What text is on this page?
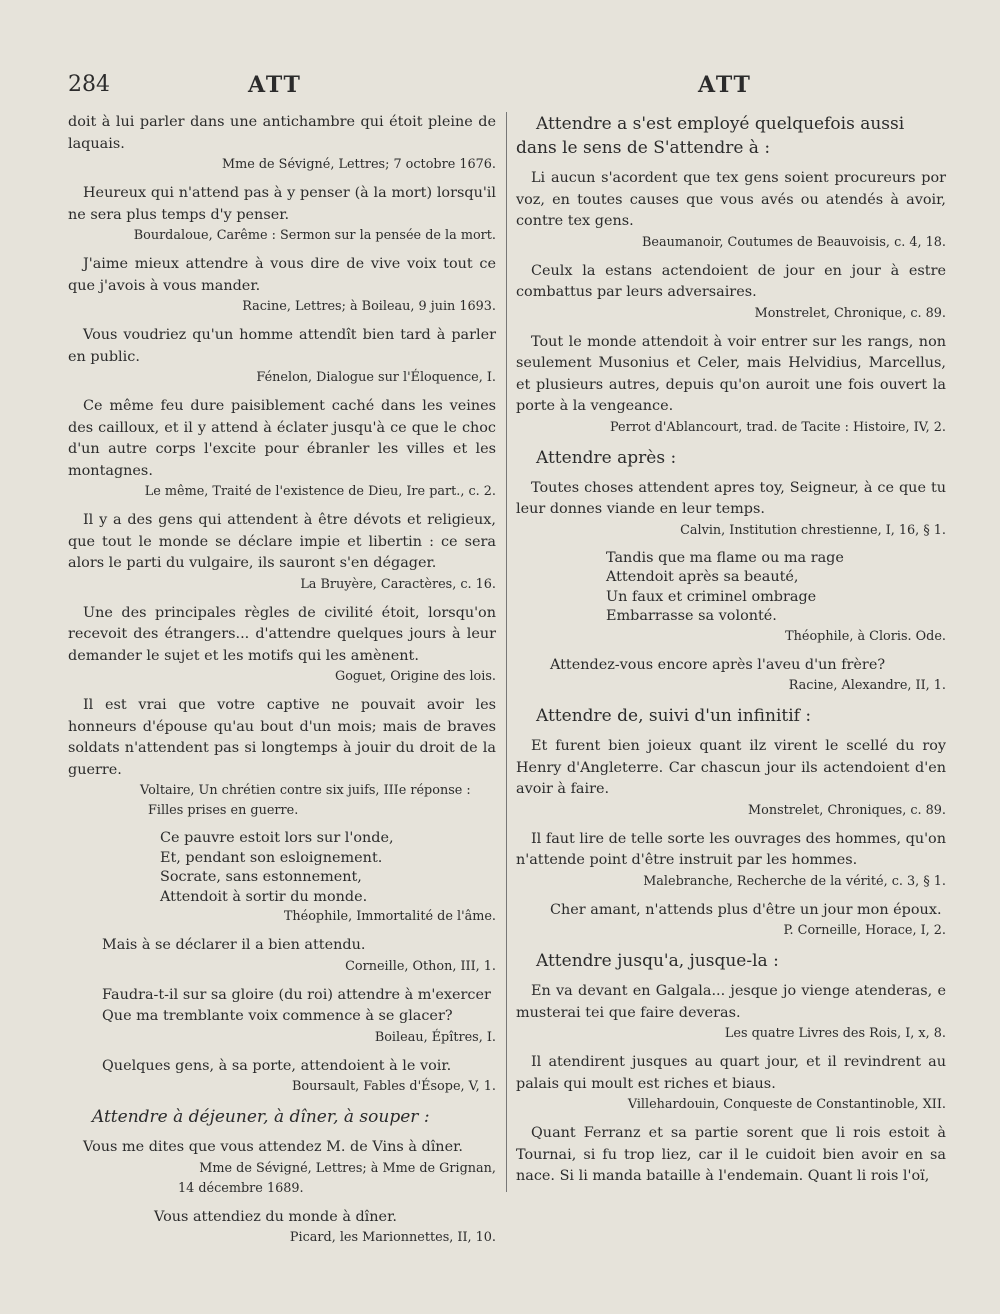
284	ATT	ATT

doit à lui parler dans une antichambre qui étoit pleine de laquais.

Mme de Sévigné, Lettres; 7 octobre 1676.

Heureux qui n'attend pas à y penser (à la mort) lorsqu'il ne sera plus temps d'y penser.

Bourdaloue, Carême : Sermon sur la pensée de la mort.

J'aime mieux attendre à vous dire de vive voix tout ce que j'avois à vous mander.

Racine, Lettres; à Boileau, 9 juin 1693.

Vous voudriez qu'un homme attendît bien tard à parler en public.

Fénelon, Dialogue sur l'Éloquence, I.

Ce même feu dure paisiblement caché dans les veines des cailloux, et il y attend à éclater jusqu'à ce que le choc d'un autre corps l'excite pour ébranler les villes et les montagnes.

Le même, Traité de l'existence de Dieu, Ire part., c. 2.

Il y a des gens qui attendent à être dévots et religieux, que tout le monde se déclare impie et libertin : ce sera alors le parti du vulgaire, ils sauront s'en dégager.

La Bruyère, Caractères, c. 16.

Une des principales règles de civilité étoit, lorsqu'on recevoit des étrangers... d'attendre quelques jours à leur demander le sujet et les motifs qui les amènent.

Goguet, Origine des lois.

Il est vrai que votre captive ne pouvait avoir les honneurs d'épouse qu'au bout d'un mois; mais de braves soldats n'attendent pas si longtemps à jouir du droit de la guerre.

Voltaire, Un chrétien contre six juifs, IIIe réponse :

Filles prises en guerre.

Ce pauvre estoit lors sur l'onde,
Et, pendant son esloignement.
Socrate, sans estonnement,
Attendoit à sortir du monde.

Théophile, Immortalité de l'âme.

Mais à se déclarer il a bien attendu.

Corneille, Othon, III, 1.

Faudra-t-il sur sa gloire (du roi) attendre à m'exercer

Que ma tremblante voix commence à se glacer?

Boileau, Épîtres, I.

Quelques gens, à sa porte, attendoient à le voir.

Boursault, Fables d'Ésope, V, 1.

Attendre à déjeuner, à dîner, à souper :

Vous me dites que vous attendez M. de Vins à dîner.

Mme de Sévigné, Lettres; à Mme de Grignan,

14 décembre 1689.

Vous attendiez du monde à dîner.

Picard, les Marionnettes, II, 10.

Attendre a s'est employé quelquefois aussi dans le sens de S'attendre à :

Li aucun s'acordent que tex gens soient procureurs por voz, en toutes causes que vous avés ou atendés à avoir, contre tex gens.

Beaumanoir, Coutumes de Beauvoisis, c. 4, 18.

Ceulx la estans actendoient de jour en jour à estre combattus par leurs adversaires.

Monstrelet, Chronique, c. 89.

Tout le monde attendoit à voir entrer sur les rangs, non seulement Musonius et Celer, mais Helvidius, Marcellus, et plusieurs autres, depuis qu'on auroit une fois ouvert la porte à la vengeance.

Perrot d'Ablancourt, trad. de Tacite : Histoire, IV, 2.

Attendre après :

Toutes choses attendent apres toy, Seigneur, à ce que tu leur donnes viande en leur temps.

Calvin, Institution chrestienne, I, 16, § 1.

Tandis que ma flame ou ma rage
Attendoit après sa beauté,
Un faux et criminel ombrage
Embarrasse sa volonté.

Théophile, à Cloris. Ode.

Attendez-vous encore après l'aveu d'un frère?

Racine, Alexandre, II, 1.

Attendre de, suivi d'un infinitif :

Et furent bien joieux quant ilz virent le scellé du roy Henry d'Angleterre. Car chascun jour ils actendoient d'en avoir à faire.

Monstrelet, Chroniques, c. 89.

Il faut lire de telle sorte les ouvrages des hommes, qu'on n'attende point d'être instruit par les hommes.

Malebranche, Recherche de la vérité, c. 3, § 1.

Cher amant, n'attends plus d'être un jour mon époux.

P. Corneille, Horace, I, 2.

Attendre jusqu'a, jusque-la :

En va devant en Galgala... jesque jo vienge atenderas, e musterai tei que faire deveras.

Les quatre Livres des Rois, I, x, 8.

Il atendirent jusques au quart jour, et il revindrent au palais qui moult est riches et biaus.

Villehardouin, Conqueste de Constantinoble, XII.

Quant Ferranz et sa partie sorent que li rois estoit à Tournai, si fu trop liez, car il le cuidoit bien avoir en sa nace. Si li manda bataille à l'endemain. Quant li rois l'oï,
